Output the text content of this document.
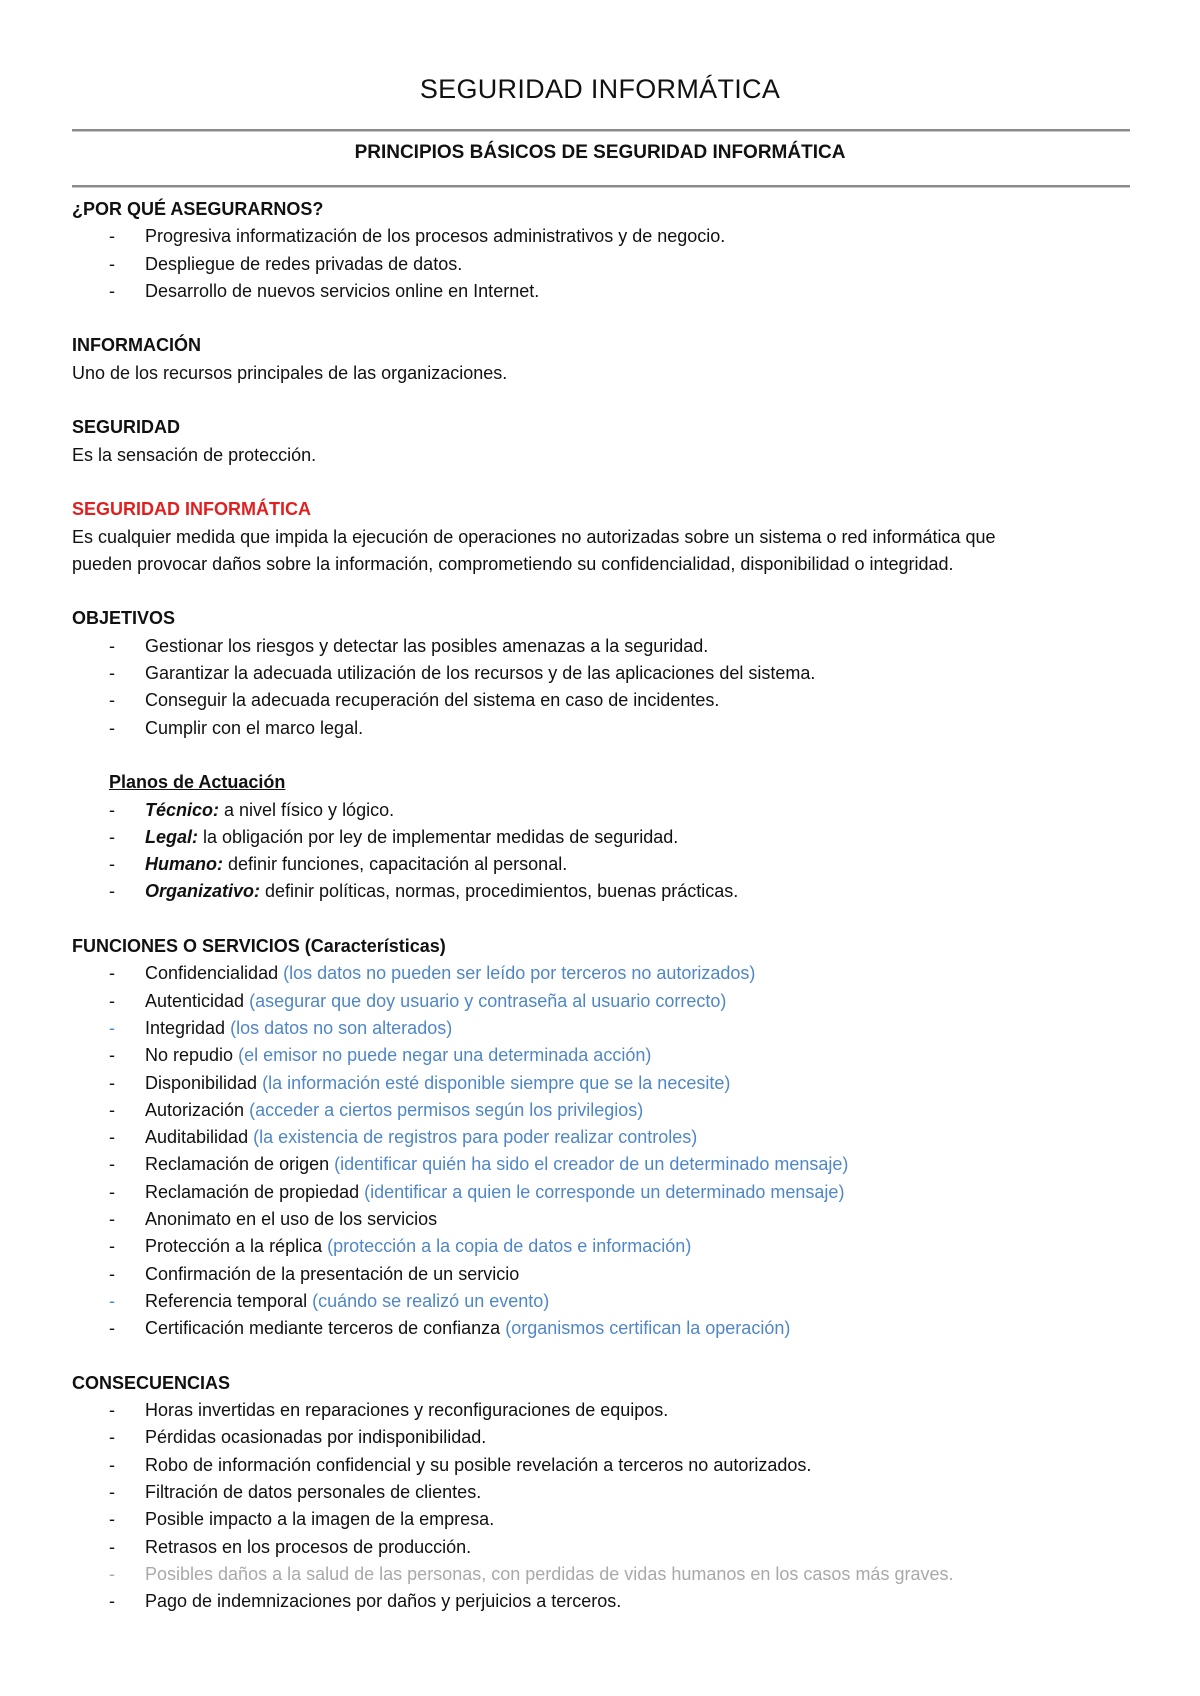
SEGURIDAD INFORMÁTICA
PRINCIPIOS BÁSICOS DE SEGURIDAD INFORMÁTICA
¿POR QUÉ ASEGURARNOS?
- Progresiva informatización de los procesos administrativos y de negocio.
- Despliegue de redes privadas de datos.
- Desarrollo de nuevos servicios online en Internet.
INFORMACIÓN

Uno de los recursos principales de las organizaciones.

SEGURIDAD

Es la sensación de protección.

SEGURIDAD INFORMÁTICA

Es cualquier medida que impida la ejecución de operaciones no autorizadas sobre un sistema o red informática que

pueden provocar daños sobre la información, comprometiendo su confidencialidad, disponibilidad o integridad.

OBJETIVOS
- Gestionar los riesgos y detectar las posibles amenazas a la seguridad.
- Garantizar la adecuada utilización de los recursos y de las aplicaciones del sistema.
- Conseguir la adecuada recuperación del sistema en caso de incidentes.
- Cumplir con el marco legal.
Planos de Actuación
- Técnico: a nivel físico y lógico.
- Legal: la obligación por ley de implementar medidas de seguridad.
- Humano: definir funciones, capacitación al personal.
- Organizativo: definir políticas, normas, procedimientos, buenas prácticas.
FUNCIONES O SERVICIOS (Características)
- Confidencialidad (los datos no pueden ser leído por terceros no autorizados)
- Autenticidad (asegurar que doy usuario y contraseña al usuario correcto)
- Integridad (los datos no son alterados)
- No repudio (el emisor no puede negar una determinada acción)
- Disponibilidad (la información esté disponible siempre que se la necesite)
- Autorización (acceder a ciertos permisos según los privilegios)
- Auditabilidad (la existencia de registros para poder realizar controles)
- Reclamación de origen (identificar quién ha sido el creador de un determinado mensaje)
- Reclamación de propiedad (identificar a quien le corresponde un determinado mensaje)
- Anonimato en el uso de los servicios
- Protección a la réplica (protección a la copia de datos e información)
- Confirmación de la presentación de un servicio
- Referencia temporal (cuándo se realizó un evento)
- Certificación mediante terceros de confianza (organismos certifican la operación)
CONSECUENCIAS
- Horas invertidas en reparaciones y reconfiguraciones de equipos.
- Pérdidas ocasionadas por indisponibilidad.
- Robo de información confidencial y su posible revelación a terceros no autorizados.
- Filtración de datos personales de clientes.
- Posible impacto a la imagen de la empresa.
- Retrasos en los procesos de producción.
- Posibles daños a la salud de las personas, con perdidas de vidas humanos en los casos más graves.
- Pago de indemnizaciones por daños y perjuicios a terceros.
